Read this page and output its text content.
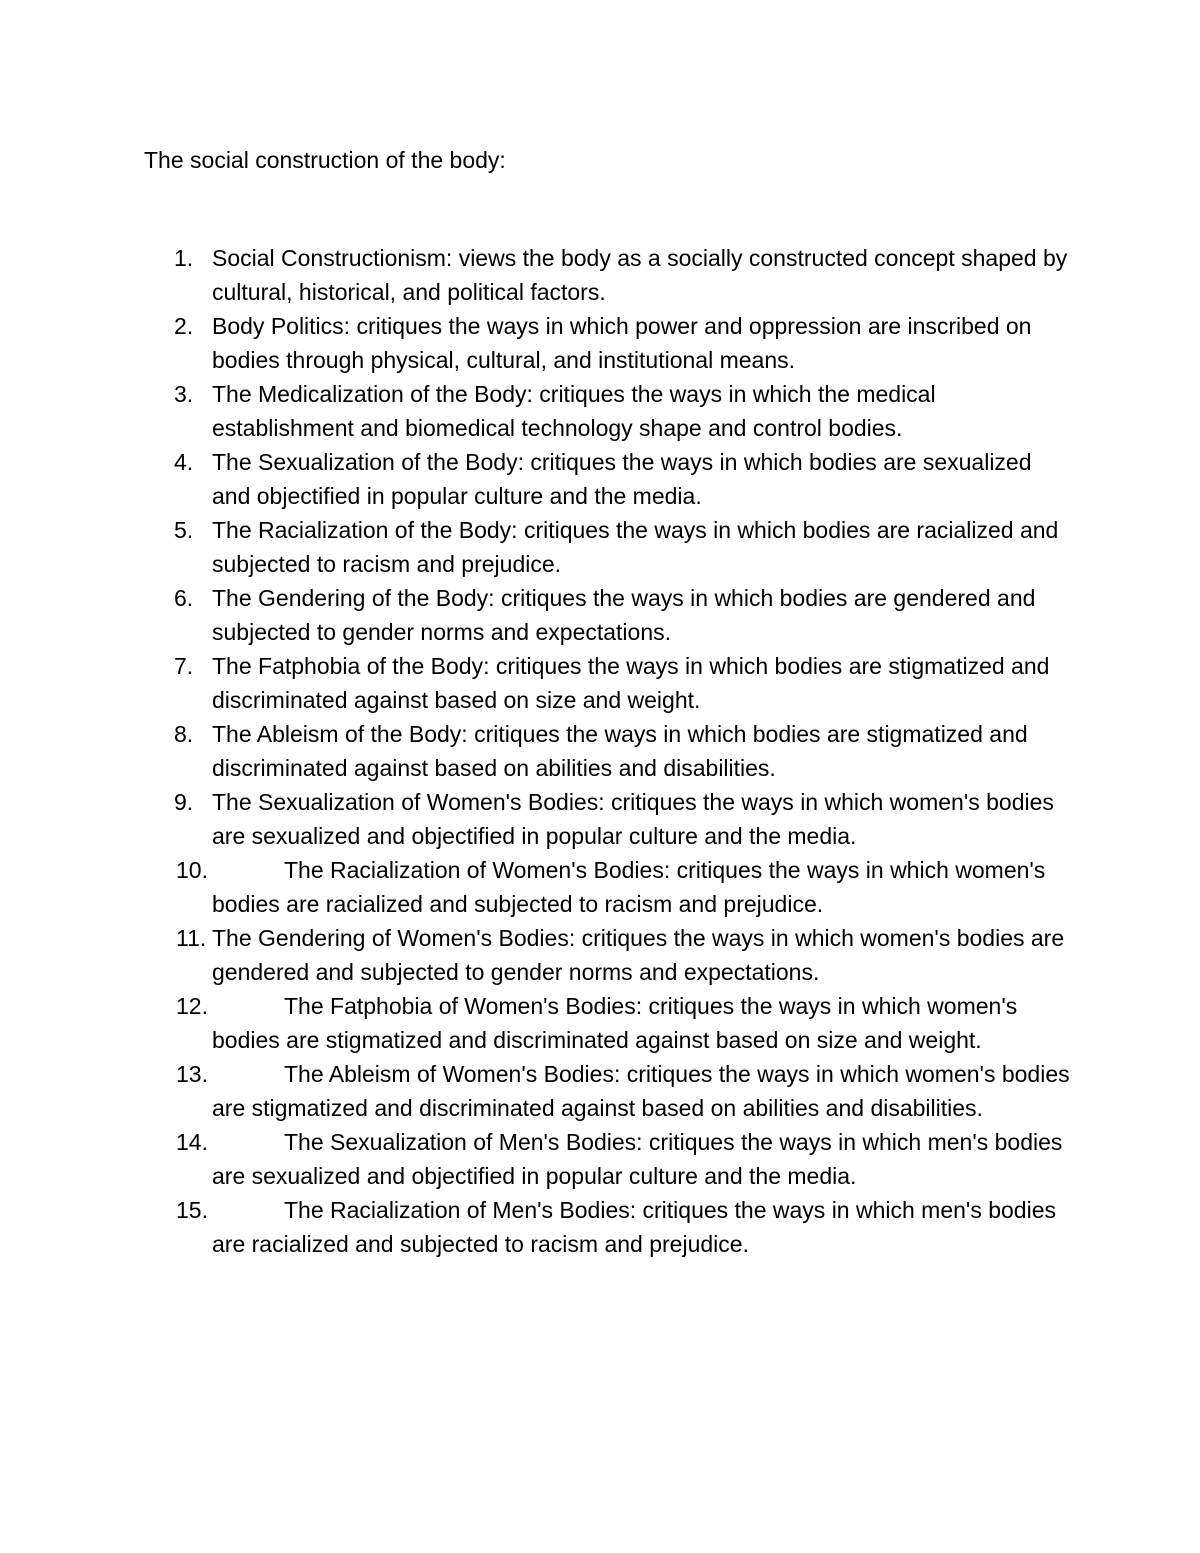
The social construction of the body:
1. Social Constructionism: views the body as a socially constructed concept shaped by cultural, historical, and political factors.
2. Body Politics: critiques the ways in which power and oppression are inscribed on bodies through physical, cultural, and institutional means.
3. The Medicalization of the Body: critiques the ways in which the medical establishment and biomedical technology shape and control bodies.
4. The Sexualization of the Body: critiques the ways in which bodies are sexualized and objectified in popular culture and the media.
5. The Racialization of the Body: critiques the ways in which bodies are racialized and subjected to racism and prejudice.
6. The Gendering of the Body: critiques the ways in which bodies are gendered and subjected to gender norms and expectations.
7. The Fatphobia of the Body: critiques the ways in which bodies are stigmatized and discriminated against based on size and weight.
8. The Ableism of the Body: critiques the ways in which bodies are stigmatized and discriminated against based on abilities and disabilities.
9. The Sexualization of Women's Bodies: critiques the ways in which women's bodies are sexualized and objectified in popular culture and the media.
10.	The Racialization of Women's Bodies: critiques the ways in which women's bodies are racialized and subjected to racism and prejudice.
11. The Gendering of Women's Bodies: critiques the ways in which women's bodies are gendered and subjected to gender norms and expectations.
12.	The Fatphobia of Women's Bodies: critiques the ways in which women's bodies are stigmatized and discriminated against based on size and weight.
13.	The Ableism of Women's Bodies: critiques the ways in which women's bodies are stigmatized and discriminated against based on abilities and disabilities.
14.	The Sexualization of Men's Bodies: critiques the ways in which men's bodies are sexualized and objectified in popular culture and the media.
15.	The Racialization of Men's Bodies: critiques the ways in which men's bodies are racialized and subjected to racism and prejudice.
